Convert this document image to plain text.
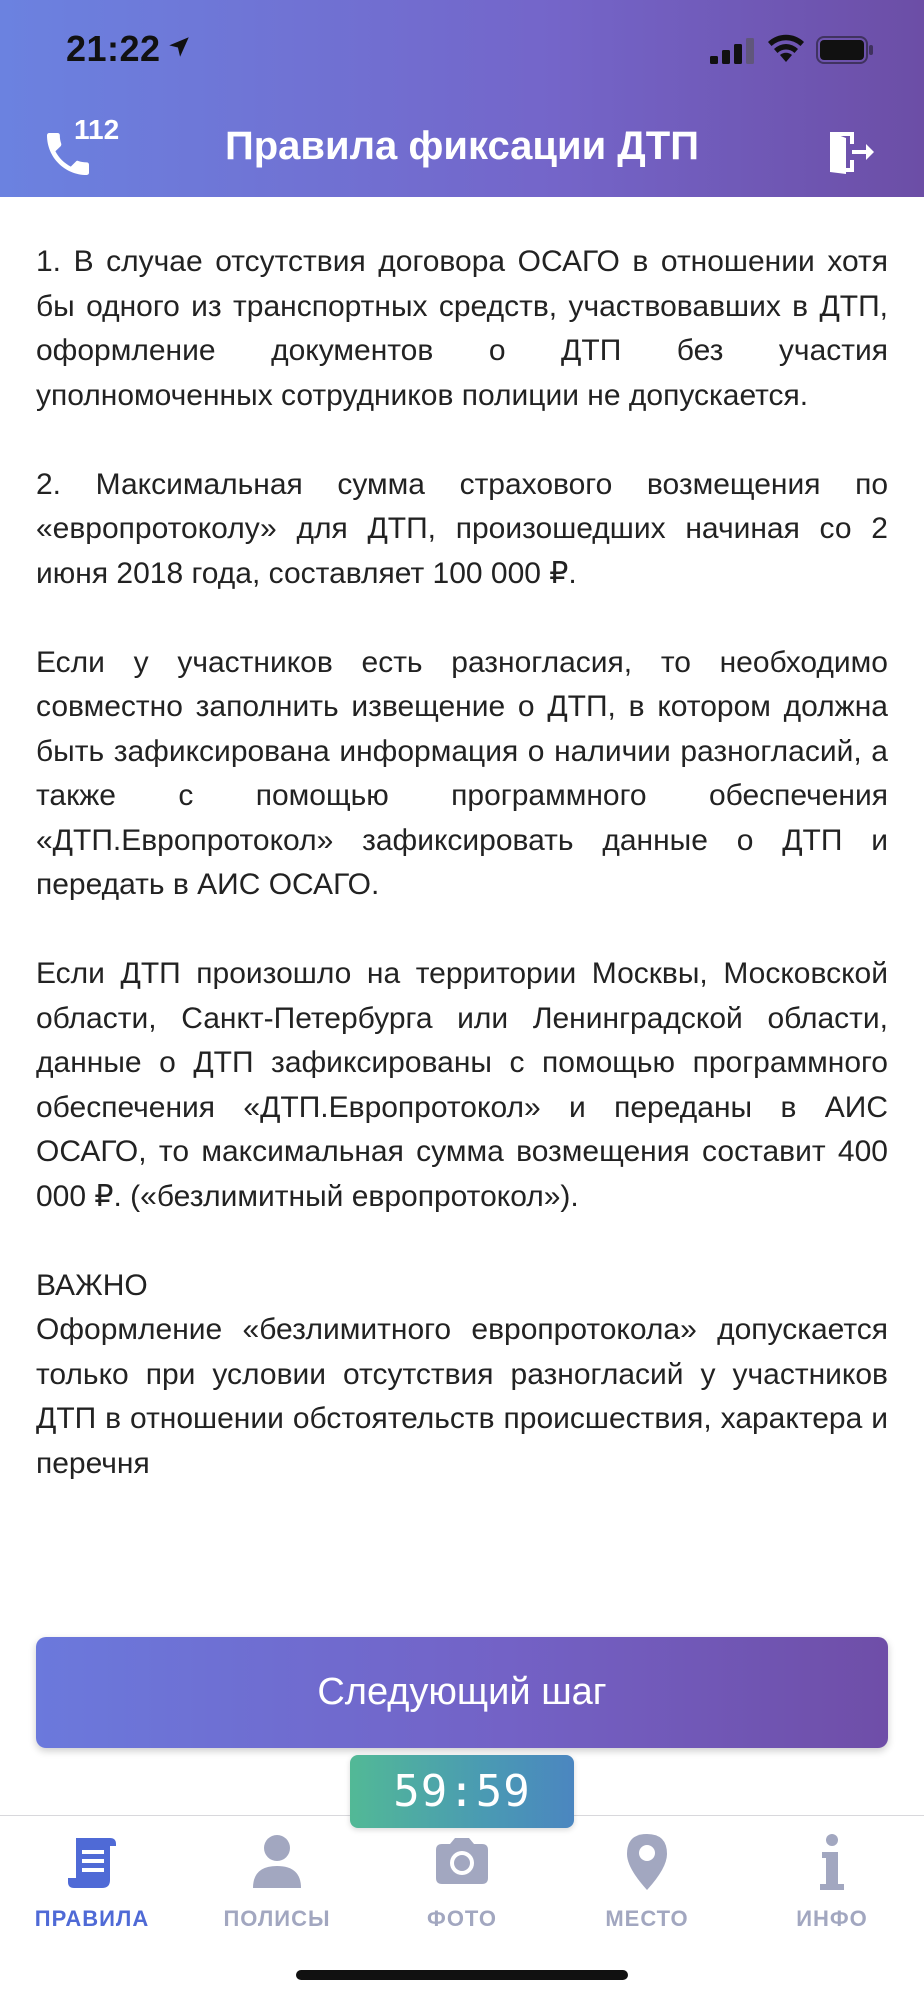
21:22
112	Правила фиксации ДТП

1. В случае отсутствия договора ОСАГО в отношении хотя бы одного из транспортных средств, участвовавших в ДТП, оформление документов о ДТП без участия уполномоченных сотрудников полиции не допускается.

2. Максимальная сумма страхового возмещения по «европротоколу» для ДТП, произошедших начиная со 2 июня 2018 года, составляет 100 000 ₽.

Если у участников есть разногласия, то необходимо совместно заполнить извещение о ДТП, в котором должна быть зафиксирована информация о наличии разногласий, а также с помощью программного обеспечения «ДТП.Европротокол» зафиксировать данные о ДТП и передать в АИС ОСАГО.

Если ДТП произошло на территории Москвы, Московской области, Санкт-Петербурга или Ленинградской области, данные о ДТП зафиксированы с помощью программного обеспечения «ДТП.Европротокол» и переданы в АИС ОСАГО, то максимальная сумма возмещения составит 400 000 ₽. («безлимитный европротокол»).

ВАЖНО

Оформление «безлимитного европротокола» допускается только при условии отсутствия разногласий у участников ДТП в отношении обстоятельств происшествия, характера и перечня

Следующий шаг
ПРАВИЛА	ПОЛИСЫ	ФОТО	МЕСТО	ИНФО
59:59
